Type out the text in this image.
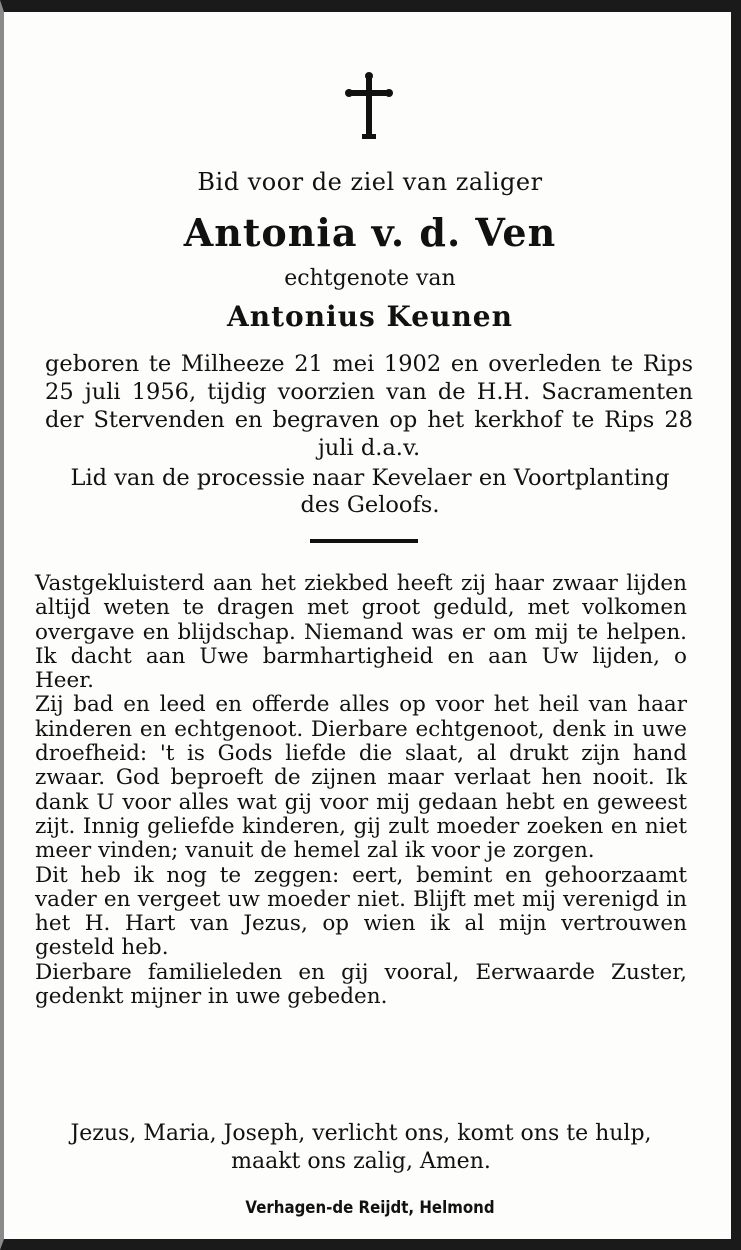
Bid voor de ziel van zaliger
Antonia v. d. Ven
echtgenote van
Antonius Keunen
geboren te Milheeze 21 mei 1902 en overleden te Rips 25 juli 1956, tijdig voorzien van de H.H. Sacramenten der Stervenden en begraven op het kerkhof te Rips 28 juli d.a.v.
Lid van de processie naar Kevelaer en Voortplanting des Geloofs.

Vastgekluisterd aan het ziekbed heeft zij haar zwaar lijden altijd weten te dragen met groot geduld, met volkomen overgave en blijdschap. Niemand was er om mij te helpen. Ik dacht aan Uwe barmhartigheid en aan Uw lijden, o Heer.

Zij bad en leed en offerde alles op voor het heil van haar kinderen en echtgenoot. Dierbare echtgenoot, denk in uwe droefheid: 't is Gods liefde die slaat, al drukt zijn hand zwaar. God beproeft de zijnen maar verlaat hen nooit. Ik dank U voor alles wat gij voor mij gedaan hebt en geweest zijt. Innig geliefde kinderen, gij zult moeder zoeken en niet meer vinden; vanuit de hemel zal ik voor je zorgen.

Dit heb ik nog te zeggen: eert, bemint en gehoorzaamt vader en vergeet uw moeder niet. Blijft met mij verenigd in het H. Hart van Jezus, op wien ik al mijn vertrouwen gesteld heb.

Dierbare familieleden en gij vooral, Eerwaarde Zuster, gedenkt mijner in uwe gebeden.

Jezus, Maria, Joseph, verlicht ons, komt ons te hulp, maakt ons zalig, Amen.
Verhagen-de Reijdt, Helmond
